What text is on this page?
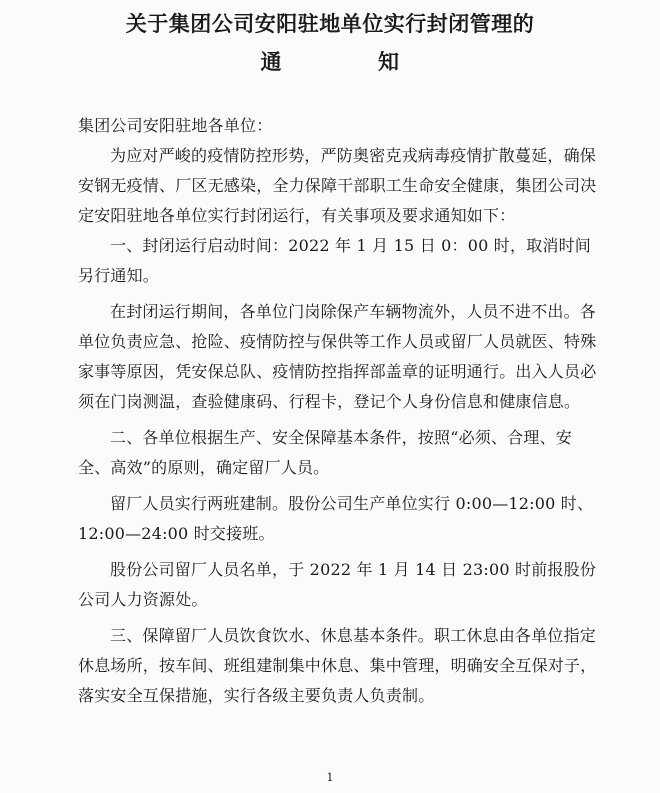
关于集团公司安阳驻地单位实行封闭管理的
通	知

集团公司安阳驻地各单位：

为应对严峻的疫情防控形势，严防奥密克戎病毒疫情扩散蔓延，确保安钢无疫情、厂区无感染，全力保障干部职工生命安全健康，集团公司决定安阳驻地各单位实行封闭运行，有关事项及要求通知如下：

一、封闭运行启动时间：2022 年 1 月 15 日 0：00 时，取消时间另行通知。

在封闭运行期间，各单位门岗除保产车辆物流外，人员不进不出。各单位负责应急、抢险、疫情防控与保供等工作人员或留厂人员就医、特殊家事等原因，凭安保总队、疫情防控指挥部盖章的证明通行。出入人员必须在门岗测温，查验健康码、行程卡，登记个人身份信息和健康信息。

二、各单位根据生产、安全保障基本条件，按照“必须、合理、安全、高效”的原则，确定留厂人员。

留厂人员实行两班建制。股份公司生产单位实行 0:00—12:00 时、12:00—24:00 时交接班。

股份公司留厂人员名单，于 2022 年 1 月 14 日 23:00 时前报股份公司人力资源处。

三、保障留厂人员饮食饮水、休息基本条件。职工休息由各单位指定休息场所，按车间、班组建制集中休息、集中管理，明确安全互保对子，落实安全互保措施，实行各级主要负责人负责制。

1
